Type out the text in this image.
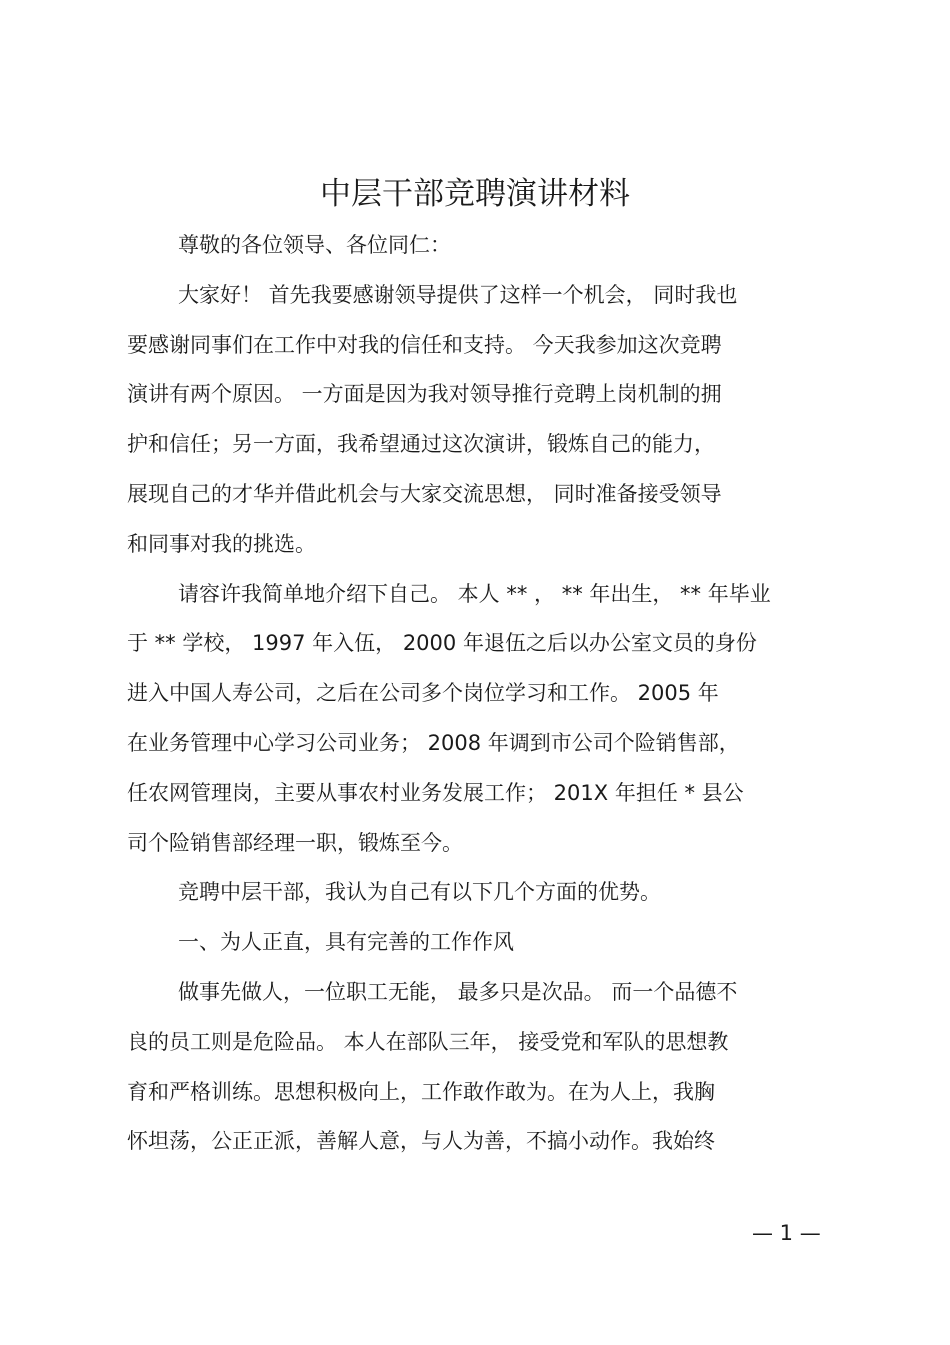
中层干部竞聘演讲材料
尊敬的各位领导、各位同仁：
大家好！ 首先我要感谢领导提供了这样一个机会， 同时我也
要感谢同事们在工作中对我的信任和支持。 今天我参加这次竞聘
演讲有两个原因。 一方面是因为我对领导推行竞聘上岗机制的拥
护和信任；另一方面，我希望通过这次演讲，锻炼自己的能力，
展现自己的才华并借此机会与大家交流思想， 同时准备接受领导
和同事对我的挑选。
请容许我简单地介绍下自己。 本人 ** ， ** 年出生， ** 年毕业
于 ** 学校， 1997 年入伍， 2000 年退伍之后以办公室文员的身份
进入中国人寿公司，之后在公司多个岗位学习和工作。 2005 年
在业务管理中心学习公司业务； 2008 年调到市公司个险销售部，
任农网管理岗，主要从事农村业务发展工作； 201X 年担任 * 县公
司个险销售部经理一职，锻炼至今。
竞聘中层干部，我认为自己有以下几个方面的优势。
一、为人正直，具有完善的工作作风
做事先做人，一位职工无能， 最多只是次品。 而一个品德不
良的员工则是危险品。 本人在部队三年， 接受党和军队的思想教
育和严格训练。思想积极向上，工作敢作敢为。在为人上，我胸
怀坦荡，公正正派，善解人意，与人为善，不搞小动作。我始终
— 1 —
